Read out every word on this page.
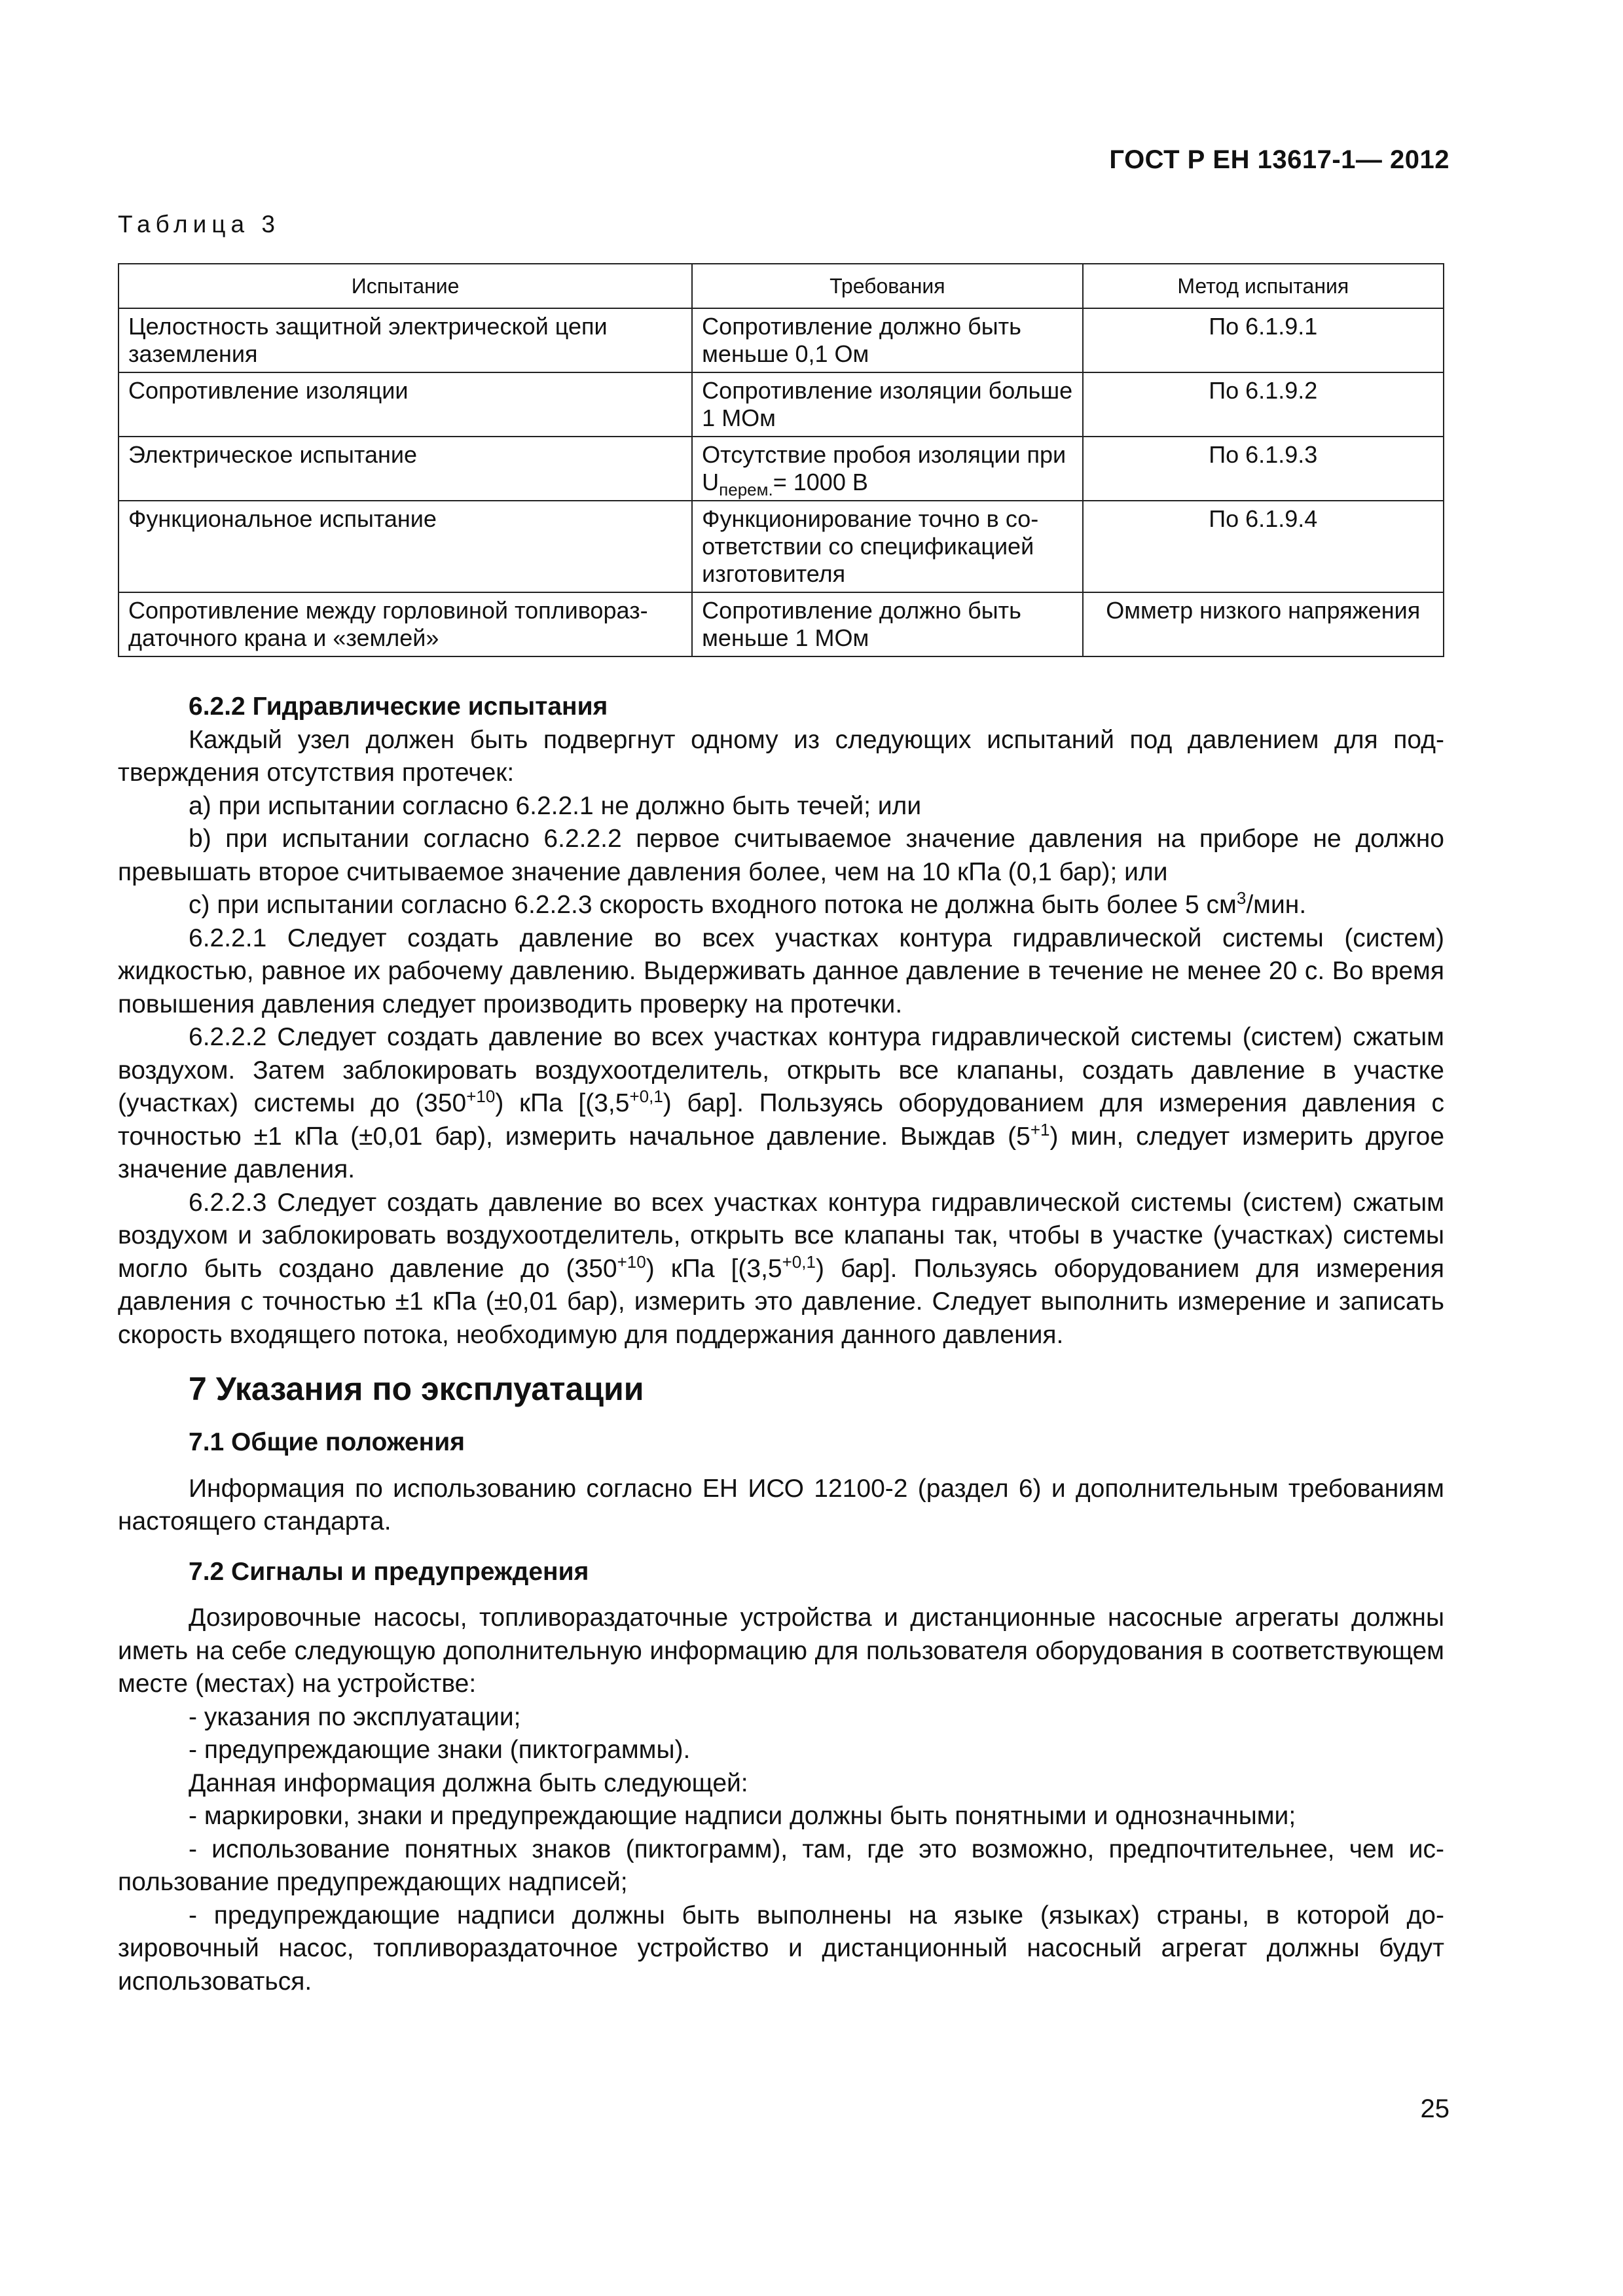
ГОСТ Р ЕН 13617-1— 2012
Таблица 3
Испытание	Требования	Метод испытания
Целостность защитной электрической цепи заземления	Сопротивление должно быть меньше 0,1 Ом	По 6.1.9.1
Сопротивление изоляции	Сопротивление изоляции больше 1 МОм	По 6.1.9.2
Электрическое испытание	Отсутствие пробоя изоляции при $U_{перем.}= 1000$ В	По 6.1.9.3
Функциональное испытание	Функционирование точно в соответствии со спецификацией изготовителя	По 6.1.9.4
Сопротивление между горловиной топливораздаточного крана и «землей»	Сопротивление должно быть меньше 1 МОм	Омметр низкого напряжения
6.2.2 Гидравлические испытания

Каждый узел должен быть подвергнут одному из следующих испытаний под давлением для подтверждения отсутствия протечек:

a) при испытании согласно 6.2.2.1 не должно быть течей; или

b) при испытании согласно 6.2.2.2 первое считываемое значение давления на приборе не должно превышать второе считываемое значение давления более, чем на 10 кПа (0,1 бар); или

c) при испытании согласно 6.2.2.3 скорость входного потока не должна быть более 5 $см^3$/мин.

6.2.2.1 Следует создать давление во всех участках контура гидравлической системы (систем) жидкостью, равное их рабочему давлению. Выдерживать данное давление в течение не менее 20 с. Во время повышения давления следует производить проверку на протечки.

6.2.2.2 Следует создать давление во всех участках контура гидравлической системы (систем) сжатым воздухом. Затем заблокировать воздухоотделитель, открыть все клапаны, создать давление в участке (участках) системы до $(350^{+10})$ кПа [$(3,5^{+0,1})$ бар]. Пользуясь оборудованием для измерения давления с точностью ±1 кПа (±0,01 бар), измерить начальное давление. Выждав $(5^{+1})$ мин, следует измерить другое значение давления.

6.2.2.3 Следует создать давление во всех участках контура гидравлической системы (систем) сжатым воздухом и заблокировать воздухоотделитель, открыть все клапаны так, чтобы в участке (участках) системы могло быть создано давление до $(350^{+10})$ кПа [$(3,5^{+0,1})$ бар]. Пользуясь оборудованием для измерения давления с точностью ±1 кПа (±0,01 бар), измерить это давление. Следует выполнить измерение и записать скорость входящего потока, необходимую для поддержания данного давления.

7 Указания по эксплуатации
7.1 Общие положения

Информация по использованию согласно ЕН ИСО 12100-2 (раздел 6) и дополнительным требованиям настоящего стандарта.

7.2 Сигналы и предупреждения

Дозировочные насосы, топливораздаточные устройства и дистанционные насосные агрегаты должны иметь на себе следующую дополнительную информацию для пользователя оборудования в соответствующем месте (местах) на устройстве:

- указания по эксплуатации;

- предупреждающие знаки (пиктограммы).

Данная информация должна быть следующей:

- маркировки, знаки и предупреждающие надписи должны быть понятными и однозначными;

- использование понятных знаков (пиктограмм), там, где это возможно, предпочтительнее, чем использование предупреждающих надписей;

- предупреждающие надписи должны быть выполнены на языке (языках) страны, в которой дозировочный насос, топливораздаточное устройство и дистанционный насосный агрегат должны будут использоваться.

25
